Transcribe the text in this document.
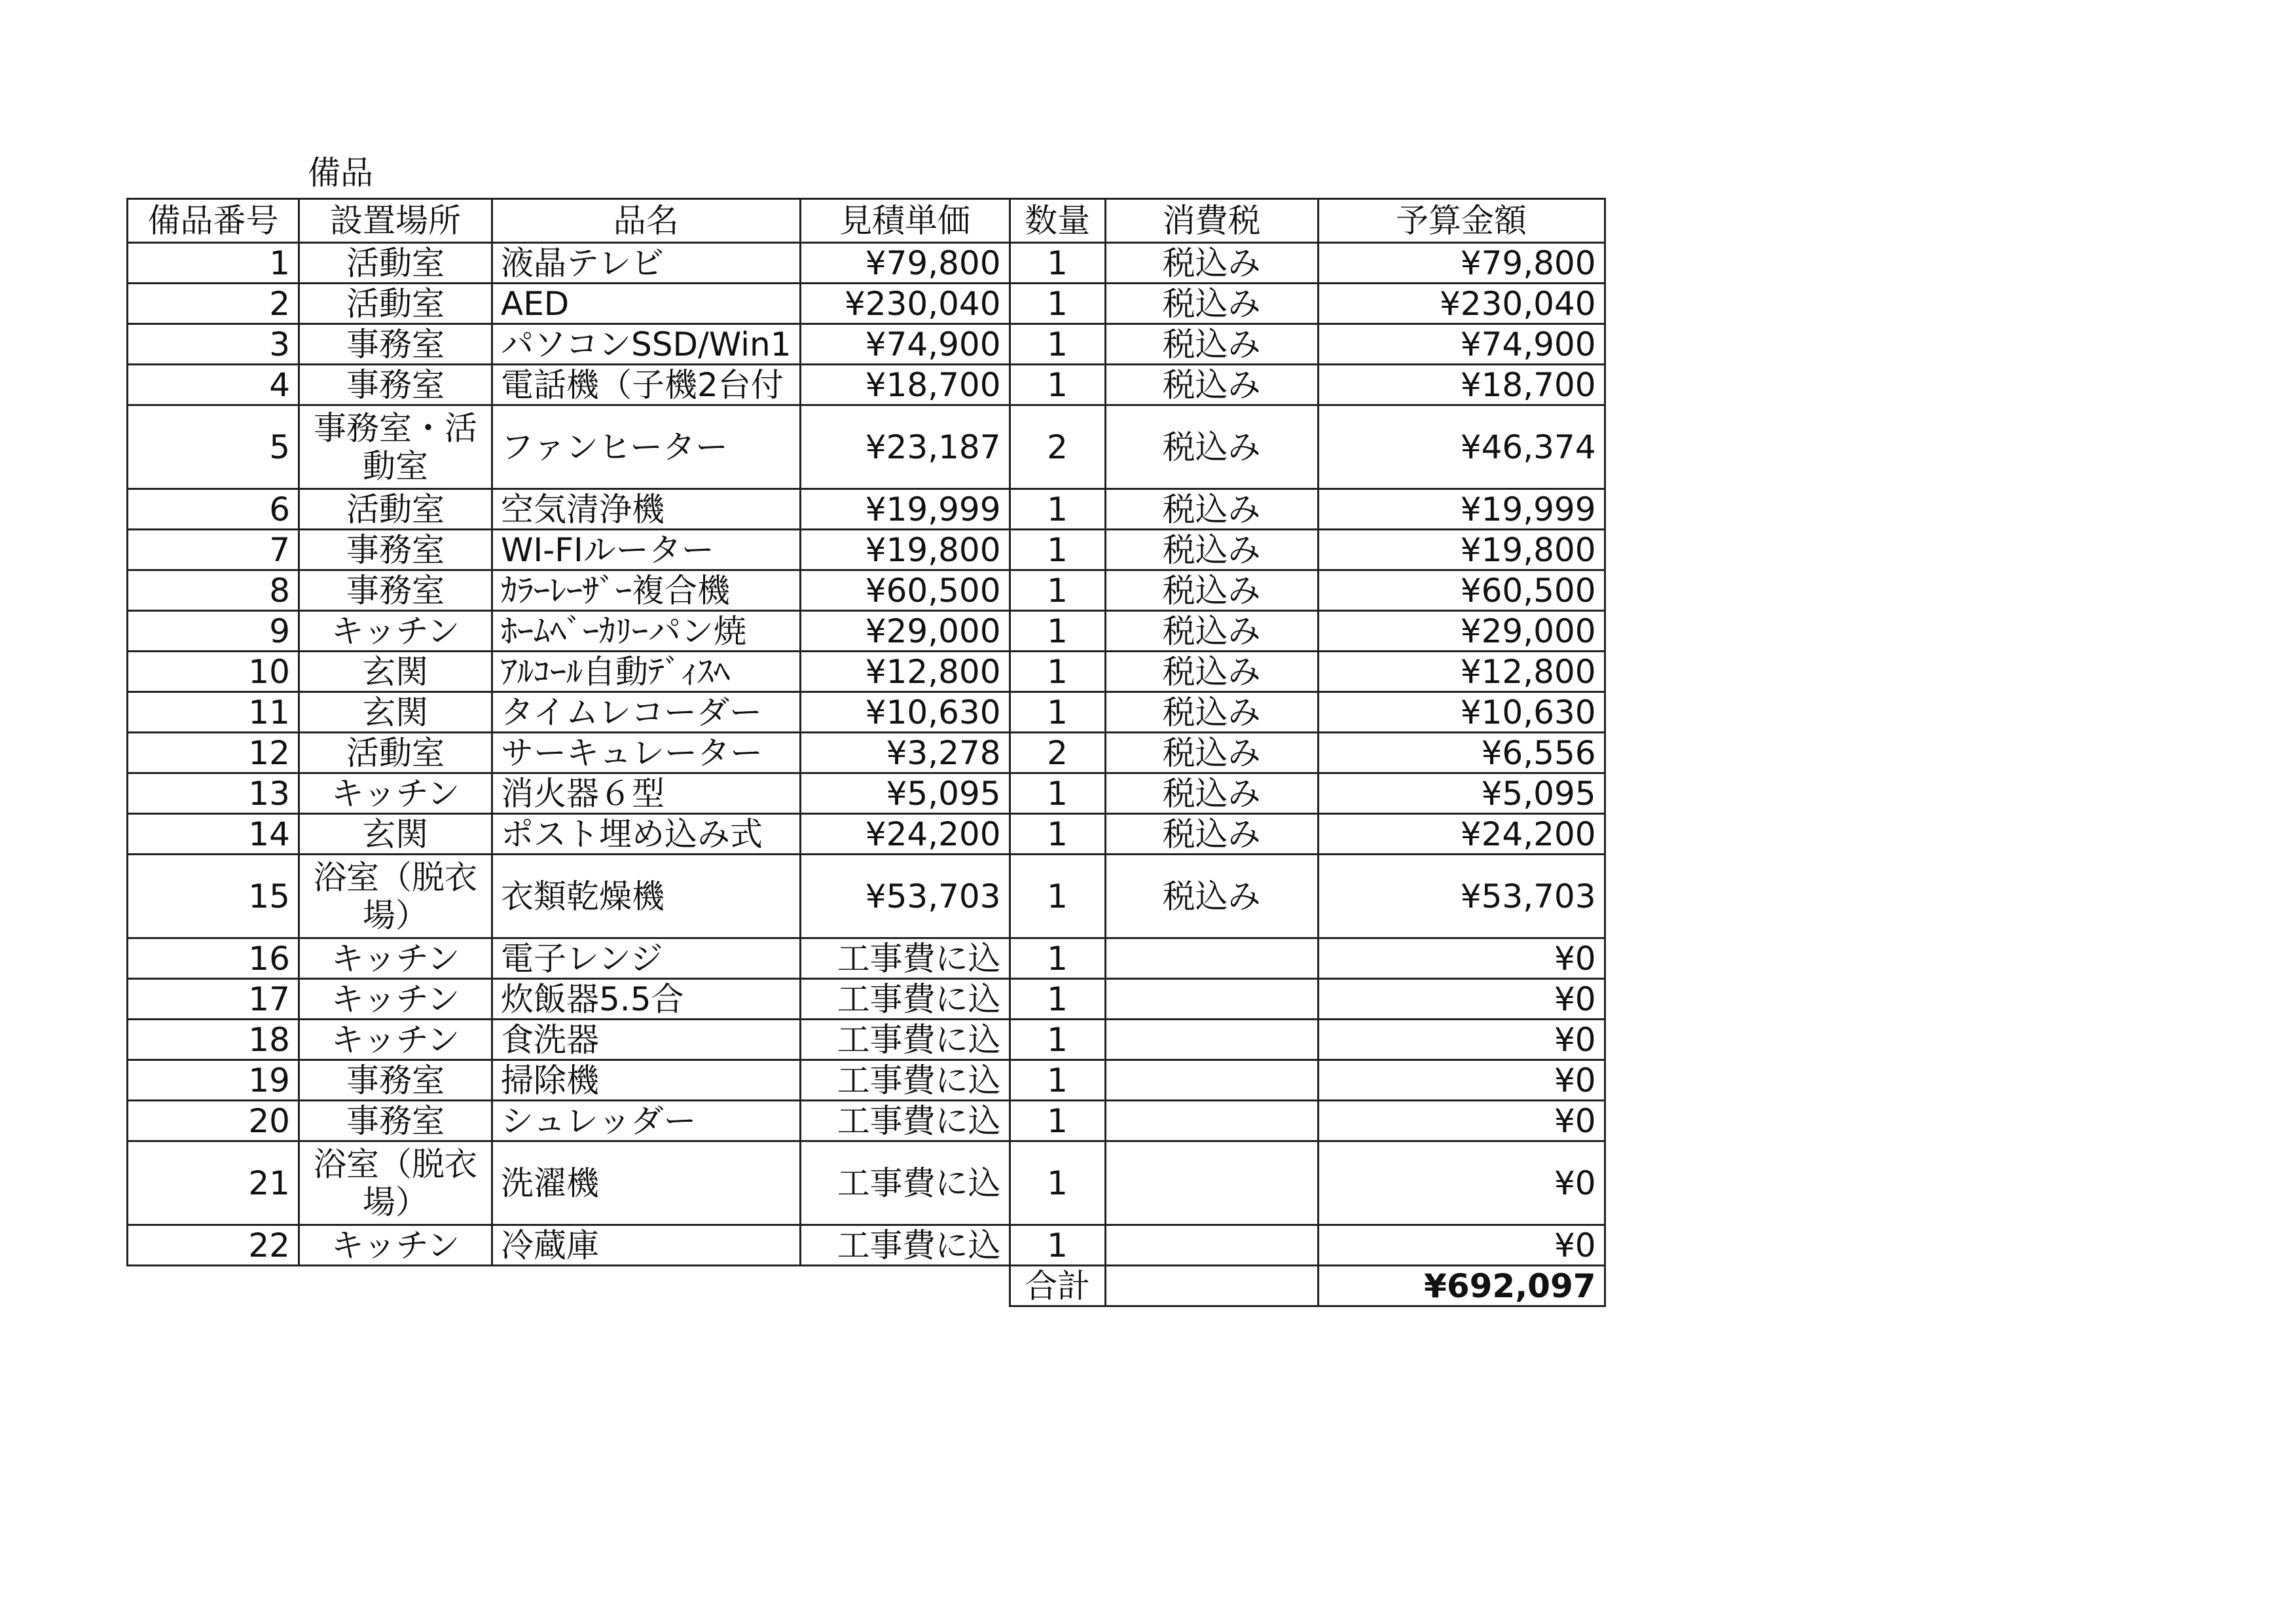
備品
備品番号	設置場所	品名	見積単価	数量	消費税	予算金額
1	活動室	液晶テレビ	¥79,800	1	税込み	¥79,800
2	活動室	AED	¥230,040	1	税込み	¥230,040
3	事務室	パソコンSSD/Win1	¥74,900	1	税込み	¥74,900
4	事務室	電話機（子機2台付	¥18,700	1	税込み	¥18,700
5	事務室・活動室	ファンヒーター	¥23,187	2	税込み	¥46,374
6	活動室	空気清浄機	¥19,999	1	税込み	¥19,999
7	事務室	WI-FIルーター	¥19,800	1	税込み	¥19,800
8	事務室	ｶﾗｰﾚｰｻﾞｰ複合機	¥60,500	1	税込み	¥60,500
9	キッチン	ﾎｰﾑﾍﾞｰｶﾘｰパン焼	¥29,000	1	税込み	¥29,000
10	玄関	ｱﾙｺｰﾙ自動ﾃﾞｨｽﾍ	¥12,800	1	税込み	¥12,800
11	玄関	タイムレコーダー	¥10,630	1	税込み	¥10,630
12	活動室	サーキュレーター	¥3,278	2	税込み	¥6,556
13	キッチン	消火器６型	¥5,095	1	税込み	¥5,095
14	玄関	ポスト埋め込み式	¥24,200	1	税込み	¥24,200
15	浴室（脱衣場）	衣類乾燥機	¥53,703	1	税込み	¥53,703
16	キッチン	電子レンジ	工事費に込	1		¥0
17	キッチン	炊飯器5.5合	工事費に込	1		¥0
18	キッチン	食洗器	工事費に込	1		¥0
19	事務室	掃除機	工事費に込	1		¥0
20	事務室	シュレッダー	工事費に込	1		¥0
21	浴室（脱衣場）	洗濯機	工事費に込	1		¥0
22	キッチン	冷蔵庫	工事費に込	1		¥0
				合計		¥692,097
